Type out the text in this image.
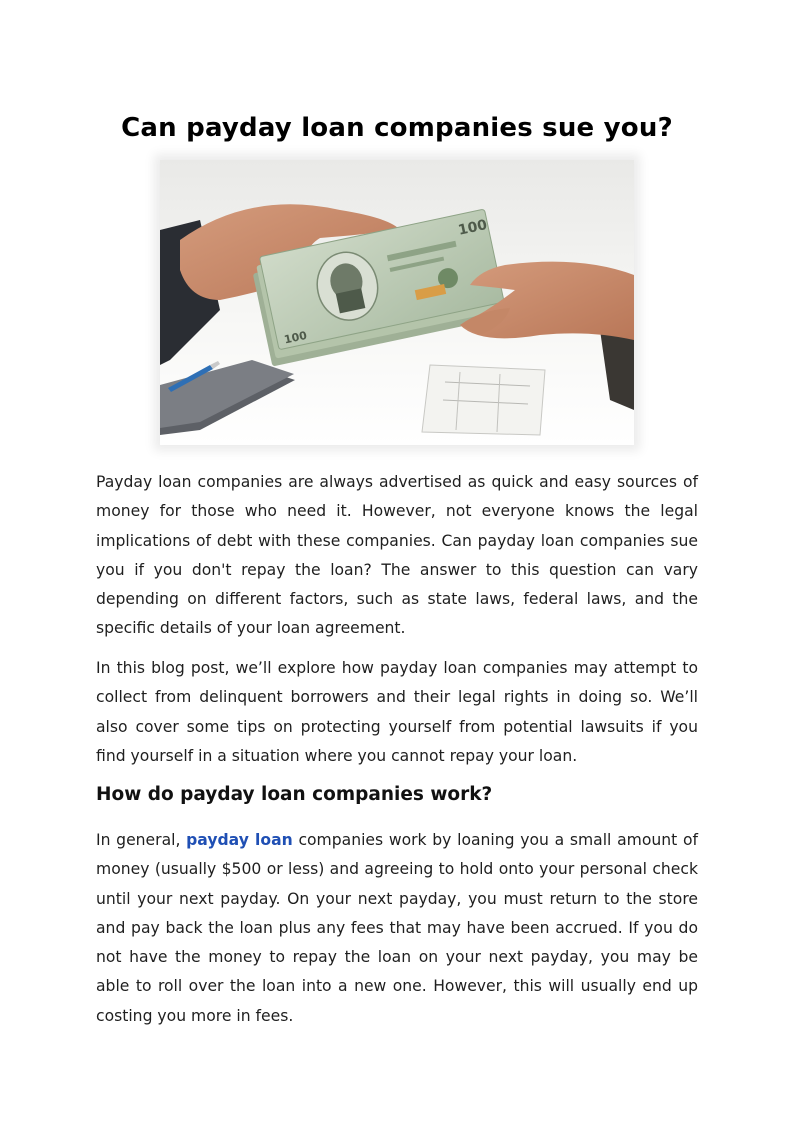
Can payday loan companies sue you?
100
100

Payday loan companies are always advertised as quick and easy sources of money for those who need it. However, not everyone knows the legal implications of debt with these companies. Can payday loan companies sue you if you don't repay the loan? The answer to this question can vary depending on different factors, such as state laws, federal laws, and the specific details of your loan agreement.

In this blog post, we’ll explore how payday loan companies may attempt to collect from delinquent borrowers and their legal rights in doing so. We’ll also cover some tips on protecting yourself from potential lawsuits if you find yourself in a situation where you cannot repay your loan.

How do payday loan companies work?

In general, payday loan companies work by loaning you a small amount of money (usually $500 or less) and agreeing to hold onto your personal check until your next payday. On your next payday, you must return to the store and pay back the loan plus any fees that may have been accrued. If you do not have the money to repay the loan on your next payday, you may be able to roll over the loan into a new one. However, this will usually end up costing you more in fees.
